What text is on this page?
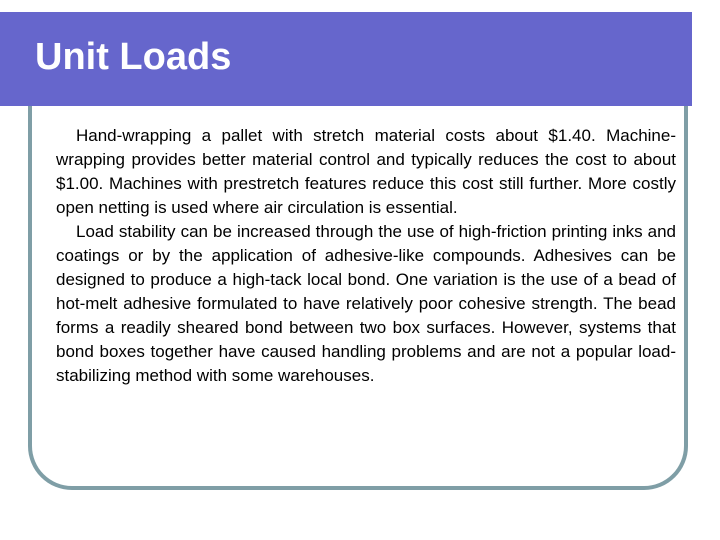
Unit Loads

Hand-wrapping a pallet with stretch material costs about $1.40. Machine-wrapping provides better material control and typically reduces the cost to about $1.00. Machines with prestretch features reduce this cost still further. More costly open netting is used where air circulation is essential.

Load stability can be increased through the use of high-friction printing inks and coatings or by the application of adhesive-like compounds. Adhesives can be designed to produce a high-tack local bond. One variation is the use of a bead of hot-melt adhesive formulated to have relatively poor cohesive strength. The bead forms a readily sheared bond between two box surfaces. However, systems that bond boxes together have caused handling problems and are not a popular load-stabilizing method with some warehouses.
